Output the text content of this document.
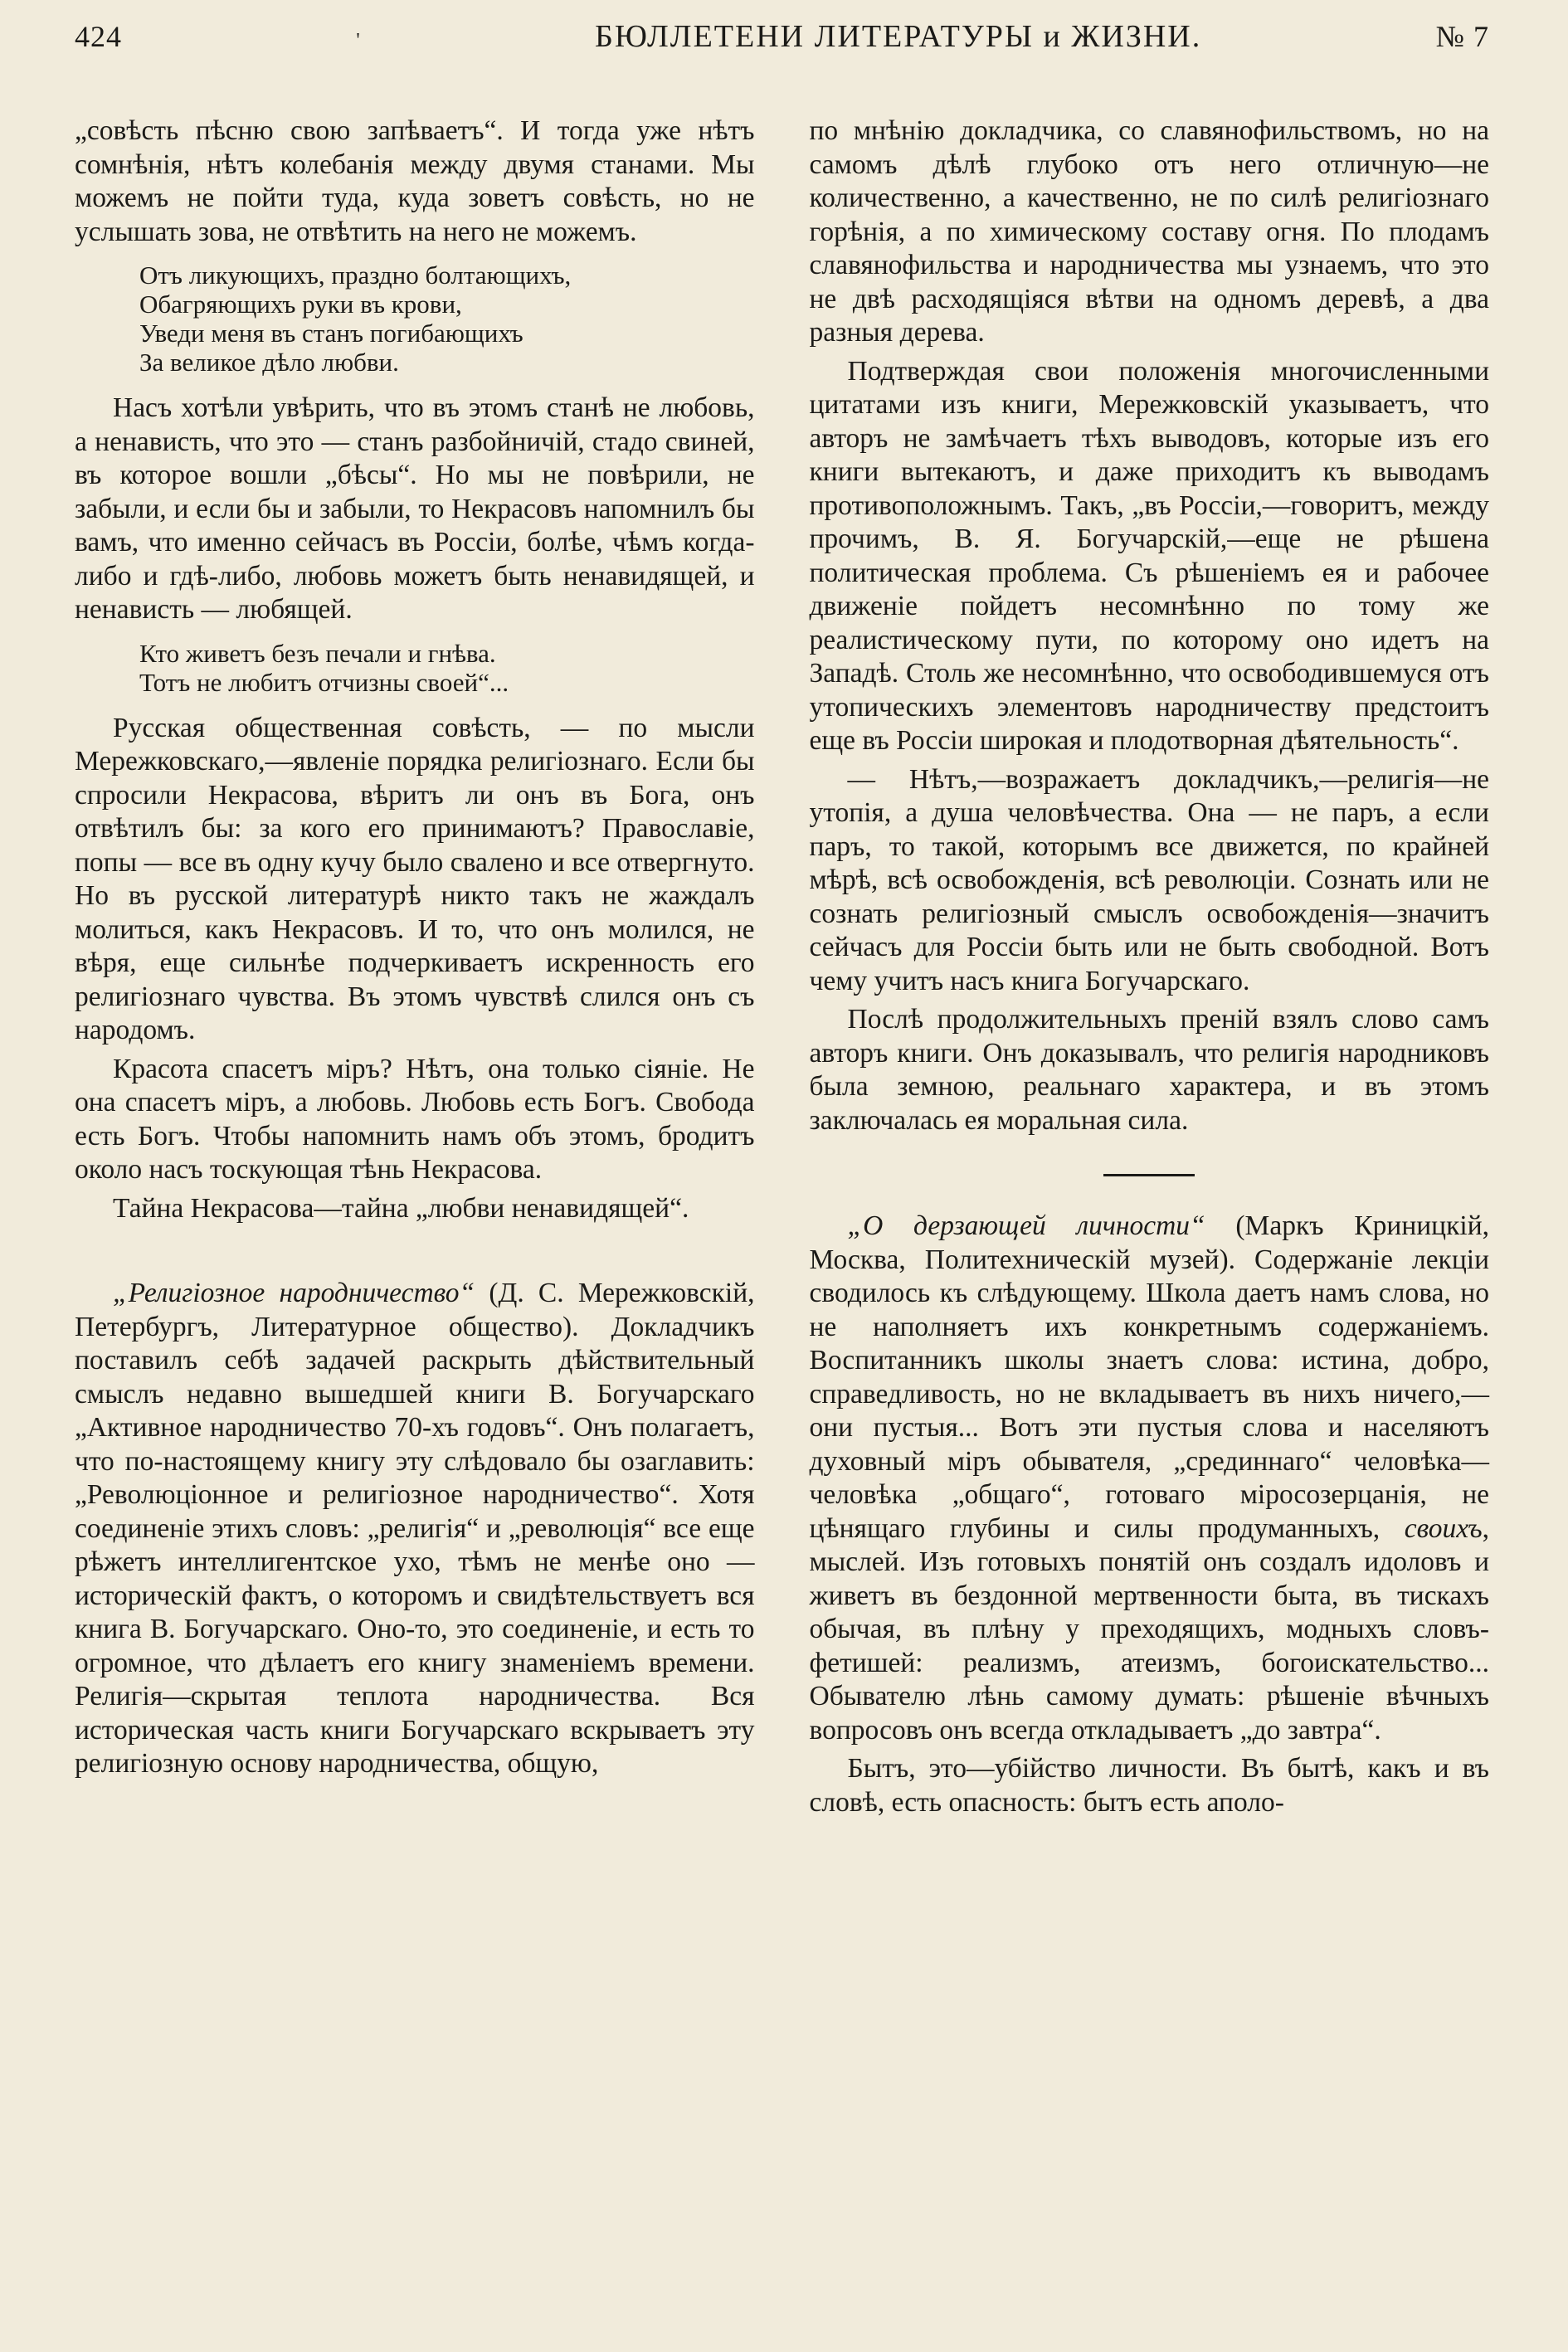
424	'	БЮЛЛЕТЕНИ ЛИТЕРАТУРЫ и ЖИЗНИ.	№ 7

„совѣсть пѣсню свою запѣваетъ“. И тогда уже нѣтъ сомнѣнія, нѣтъ колебанія между двумя станами. Мы можемъ не пойти туда, куда зоветъ совѣсть, но не услышать зова, не отвѣтить на него не можемъ.

Отъ ликующихъ, праздно болтающихъ,
Обагряющихъ руки въ крови,
Уведи меня въ станъ погибающихъ
За великое дѣло любви.

Насъ хотѣли увѣрить, что въ этомъ станѣ не любовь, а ненависть, что это — станъ разбойничій, стадо свиней, въ которое вошли „бѣсы“. Но мы не повѣрили, не забыли, и если бы и забыли, то Некрасовъ напомнилъ бы вамъ, что именно сейчасъ въ Россіи, болѣе, чѣмъ когда-либо и гдѣ-либо, любовь можетъ быть ненавидящей, и ненависть — любящей.

Кто живетъ безъ печали и гнѣва.
Тотъ не любитъ отчизны своей“...

Русская общественная совѣсть, — по мысли Мережковскаго,—явленіе порядка религіознаго. Если бы спросили Некрасова, вѣритъ ли онъ въ Бога, онъ отвѣтилъ бы: за кого его принимаютъ? Православіе, попы — все въ одну кучу было свалено и все отвергнуто. Но въ русской литературѣ никто такъ не жаждалъ молиться, какъ Некрасовъ. И то, что онъ молился, не вѣря, еще сильнѣе подчеркиваетъ искренность его религіознаго чувства. Въ этомъ чувствѣ слился онъ съ народомъ.

Красота спасетъ міръ? Нѣтъ, она только сіяніе. Не она спасетъ міръ, а любовь. Любовь есть Богъ. Свобода есть Богъ. Чтобы напомнить намъ объ этомъ, бродитъ около насъ тоскующая тѣнь Некрасова.

Тайна Некрасова—тайна „любви ненавидящей“.

„Религіозное народничество“ (Д. С. Мережковскій, Петербургъ, Литературное общество). Докладчикъ поставилъ себѣ задачей раскрыть дѣйствительный смыслъ недавно вышедшей книги В. Богучарскаго „Активное народничество 70-хъ годовъ“. Онъ полагаетъ, что по-настоящему книгу эту слѣдовало бы озаглавить: „Революціонное и религіозное народничество“. Хотя соединеніе этихъ словъ: „религія“ и „революція“ все еще рѣжетъ интеллигентское ухо, тѣмъ не менѣе оно — историческій фактъ, о которомъ и свидѣтельствуетъ вся книга В. Богучарскаго. Оно-то, это соединеніе, и есть то огромное, что дѣлаетъ его книгу знаменіемъ времени. Религія—скрытая теплота народничества. Вся историческая часть книги Богучарскаго вскрываетъ эту религіозную основу народничества, общую,

по мнѣнію докладчика, со славянофильствомъ, но на самомъ дѣлѣ глубоко отъ него отличную—не количественно, а качественно, не по силѣ религіознаго горѣнія, а по химическому составу огня. По плодамъ славянофильства и народничества мы узнаемъ, что это не двѣ расходящіяся вѣтви на одномъ деревѣ, а два разныя дерева.

Подтверждая свои положенія многочисленными цитатами изъ книги, Мережковскій указываетъ, что авторъ не замѣчаетъ тѣхъ выводовъ, которые изъ его книги вытекаютъ, и даже приходитъ къ выводамъ противоположнымъ. Такъ, „въ Россіи,—говоритъ, между прочимъ, В. Я. Богучарскій,—еще не рѣшена политическая проблема. Съ рѣшеніемъ ея и рабочее движеніе пойдетъ несомнѣнно по тому же реалистическому пути, по которому оно идетъ на Западѣ. Столь же несомнѣнно, что освободившемуся отъ утопическихъ элементовъ народничеству предстоитъ еще въ Россіи широкая и плодотворная дѣятельность“.

— Нѣтъ,—возражаетъ докладчикъ,—религія—не утопія, а душа человѣчества. Она — не паръ, а если паръ, то такой, которымъ все движется, по крайней мѣрѣ, всѣ освобожденія, всѣ революціи. Сознать или не сознать религіозный смыслъ освобожденія—значитъ сейчасъ для Россіи быть или не быть свободной. Вотъ чему учитъ насъ книга Богучарскаго.

Послѣ продолжительныхъ преній взялъ слово самъ авторъ книги. Онъ доказывалъ, что религія народниковъ была земною, реальнаго характера, и въ этомъ заключалась ея моральная сила.

„О дерзающей личности“ (Маркъ Криницкій, Москва, Политехническій музей). Содержаніе лекціи сводилось къ слѣдующему. Школа даетъ намъ слова, но не наполняетъ ихъ конкретнымъ содержаніемъ. Воспитанникъ школы знаетъ слова: истина, добро, справедливость, но не вкладываетъ въ нихъ ничего,— они пустыя... Вотъ эти пустыя слова и населяютъ духовный міръ обывателя, „срединнаго“ человѣка—человѣка „общаго“, готоваго міросозерцанія, не цѣнящаго глубины и силы продуманныхъ, своихъ, мыслей. Изъ готовыхъ понятій онъ создалъ идоловъ и живетъ въ бездонной мертвенности быта, въ тискахъ обычая, въ плѣну у преходящихъ, модныхъ словъ-фетишей: реализмъ, атеизмъ, богоискательство... Обывателю лѣнь самому думать: рѣшеніе вѣчныхъ вопросовъ онъ всегда откладываетъ „до завтра“.

Бытъ, это—убійство личности. Въ бытѣ, какъ и въ словѣ, есть опасность: бытъ есть аполо-
